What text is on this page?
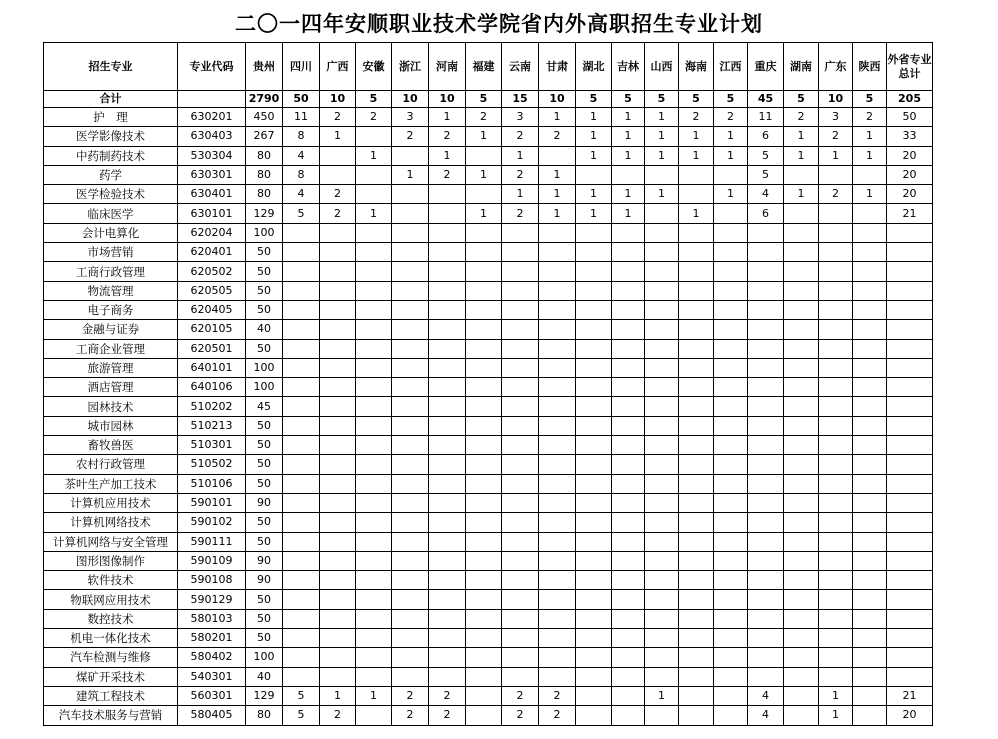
二〇一四年安顺职业技术学院省内外高职招生专业计划
招生专业	专业代码	贵州	四川	广西	安徽	浙江	河南	福建	云南	甘肃	湖北	吉林	山西	海南	江西	重庆	湖南	广东	陕西	外省专业总计
合计		2790	50	10	5	10	10	5	15	10	5	5	5	5	5	45	5	10	5	205
护　理	630201	450	11	2	2	3	1	2	3	1	1	1	1	2	2	11	2	3	2	50
医学影像技术	630403	267	8	1		2	2	1	2	2	1	1	1	1	1	6	1	2	1	33
中药制药技术	530304	80	4		1		1		1		1	1	1	1	1	5	1	1	1	20
药学	630301	80	8			1	2	1	2	1						5				20
医学检验技术	630401	80	4	2					1	1	1	1	1		1	4	1	2	1	20
临床医学	630101	129	5	2	1			1	2	1	1	1		1		6				21
会计电算化	620204	100																		
市场营销	620401	50																		
工商行政管理	620502	50																		
物流管理	620505	50																		
电子商务	620405	50																		
金融与证券	620105	40																		
工商企业管理	620501	50																		
旅游管理	640101	100																		
酒店管理	640106	100																		
园林技术	510202	45																		
城市园林	510213	50																		
畜牧兽医	510301	50																		
农村行政管理	510502	50																		
茶叶生产加工技术	510106	50																		
计算机应用技术	590101	90																		
计算机网络技术	590102	50																		
计算机网络与安全管理	590111	50																		
图形图像制作	590109	90																		
软件技术	590108	90																		
物联网应用技术	590129	50																		
数控技术	580103	50																		
机电一体化技术	580201	50																		
汽车检测与维修	580402	100																		
煤矿开采技术	540301	40																		
建筑工程技术	560301	129	5	1	1	2	2		2	2			1			4		1		21
汽车技术服务与营销	580405	80	5	2		2	2		2	2						4		1		20
